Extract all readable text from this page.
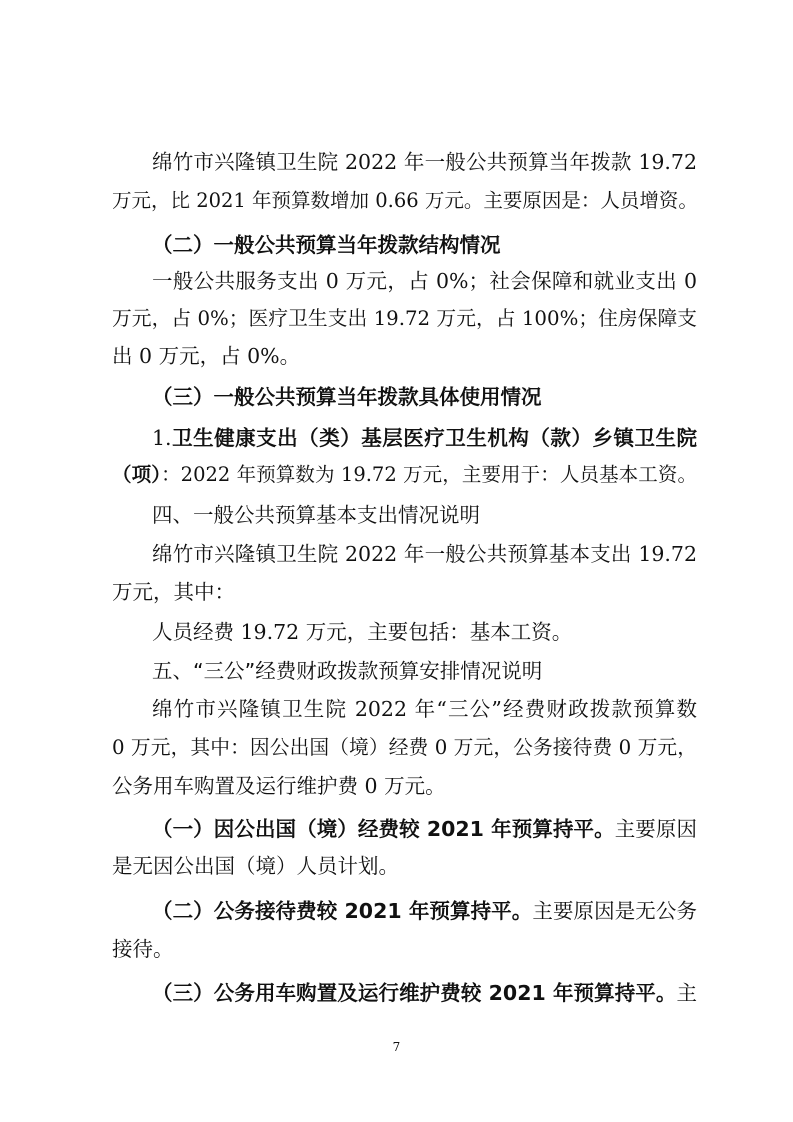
绵竹市兴隆镇卫生院 2022 年一般公共预算当年拨款 19.72
万元，比 2021 年预算数增加 0.66 万元。主要原因是：人员增资。
（二）一般公共预算当年拨款结构情况
一般公共服务支出 0 万元，占 0%；社会保障和就业支出 0
万元，占 0%；医疗卫生支出 19.72 万元，占 100%；住房保障支
出 0 万元，占 0%。
（三）一般公共预算当年拨款具体使用情况
1.卫生健康支出（类）基层医疗卫生机构（款）乡镇卫生院
（项）：2022 年预算数为 19.72 万元，主要用于：人员基本工资。
四、一般公共预算基本支出情况说明
绵竹市兴隆镇卫生院 2022 年一般公共预算基本支出 19.72
万元，其中：
人员经费 19.72 万元，主要包括：基本工资。
五、“三公”经费财政拨款预算安排情况说明
绵竹市兴隆镇卫生院 2022 年“三公”经费财政拨款预算数
0 万元，其中：因公出国（境）经费 0 万元，公务接待费 0 万元，
公务用车购置及运行维护费 0 万元。
（一）因公出国（境）经费较 2021 年预算持平。主要原因
是无因公出国（境）人员计划。
（二）公务接待费较 2021 年预算持平。主要原因是无公务
接待。
（三）公务用车购置及运行维护费较 2021 年预算持平。主
7
